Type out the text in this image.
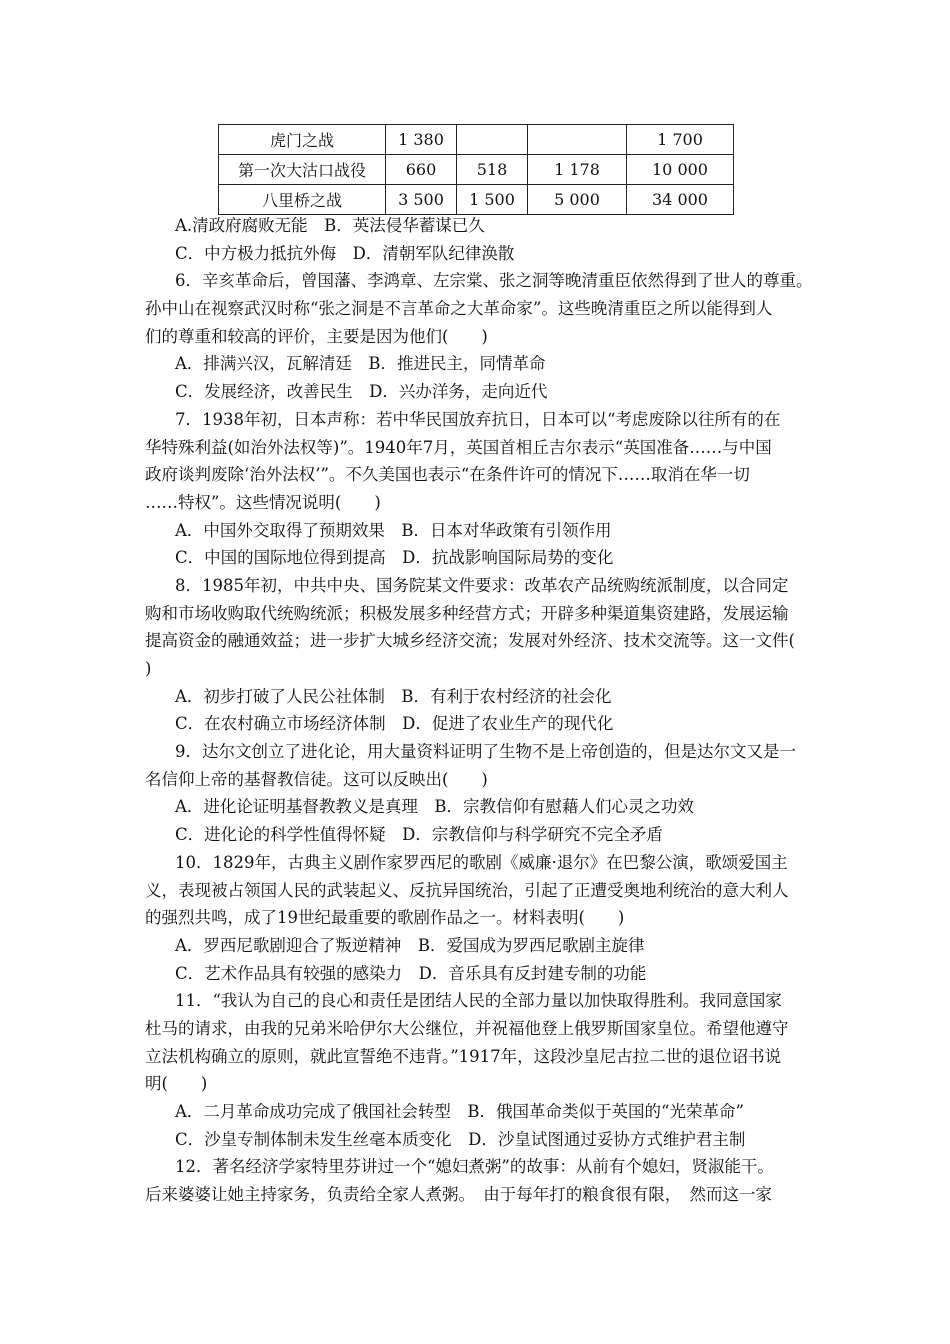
虎门之战	1 380			1 700
第一次大沽口战役	660	518	1 178	10 000
八里桥之战	3 500	1 500	5 000	34 000
A.清政府腐败无能　B．英法侵华蓄谋已久
C．中方极力抵抗外侮　D．清朝军队纪律涣散
6．辛亥革命后，曾国藩、李鸿章、左宗棠、张之洞等晚清重臣依然得到了世人的尊重。
孙中山在视察武汉时称“张之洞是不言革命之大革命家”。这些晚清重臣之所以能得到人
们的尊重和较高的评价，主要是因为他们(　　)
A．排满兴汉，瓦解清廷　B．推进民主，同情革命
C．发展经济，改善民生　D．兴办洋务，走向近代
7．1938年初，日本声称：若中华民国放弃抗日，日本可以“考虑废除以往所有的在
华特殊利益(如治外法权等)”。1940年7月，英国首相丘吉尔表示“英国准备……与中国
政府谈判废除‘治外法权’”。不久美国也表示“在条件许可的情况下……取消在华一切
……特权”。这些情况说明(　　)
A．中国外交取得了预期效果　B．日本对华政策有引领作用
C．中国的国际地位得到提高　D．抗战影响国际局势的变化
8．1985年初，中共中央、国务院某文件要求：改革农产品统购统派制度，以合同定
购和市场收购取代统购统派；积极发展多种经营方式；开辟多种渠道集资建路，发展运输
提高资金的融通效益；进一步扩大城乡经济交流；发展对外经济、技术交流等。这一文件(
)
A．初步打破了人民公社体制　B．有利于农村经济的社会化
C．在农村确立市场经济体制　D．促进了农业生产的现代化
9．达尔文创立了进化论，用大量资料证明了生物不是上帝创造的，但是达尔文又是一
名信仰上帝的基督教信徒。这可以反映出(　　)
A．进化论证明基督教教义是真理　B．宗教信仰有慰藉人们心灵之功效
C．进化论的科学性值得怀疑　D．宗教信仰与科学研究不完全矛盾
10．1829年，古典主义剧作家罗西尼的歌剧《威廉·退尔》在巴黎公演，歌颂爱国主
义，表现被占领国人民的武装起义、反抗异国统治，引起了正遭受奥地利统治的意大利人
的强烈共鸣，成了19世纪最重要的歌剧作品之一。材料表明(　　)
A．罗西尼歌剧迎合了叛逆精神　B．爱国成为罗西尼歌剧主旋律
C．艺术作品具有较强的感染力　D．音乐具有反封建专制的功能
11．“我认为自己的良心和责任是团结人民的全部力量以加快取得胜利。我同意国家
杜马的请求，由我的兄弟米哈伊尔大公继位，并祝福他登上俄罗斯国家皇位。希望他遵守
立法机构确立的原则，就此宣誓绝不违背。”1917年，这段沙皇尼古拉二世的退位诏书说
明(　　)
A．二月革命成功完成了俄国社会转型　B．俄国革命类似于英国的“光荣革命”
C．沙皇专制体制未发生丝毫本质变化　D．沙皇试图通过妥协方式维护君主制
12．著名经济学家特里芬讲过一个“媳妇煮粥”的故事：从前有个媳妇，贤淑能干。
后来婆婆让她主持家务，负责给全家人煮粥。　由于每年打的粮食很有限，　然而这一家
